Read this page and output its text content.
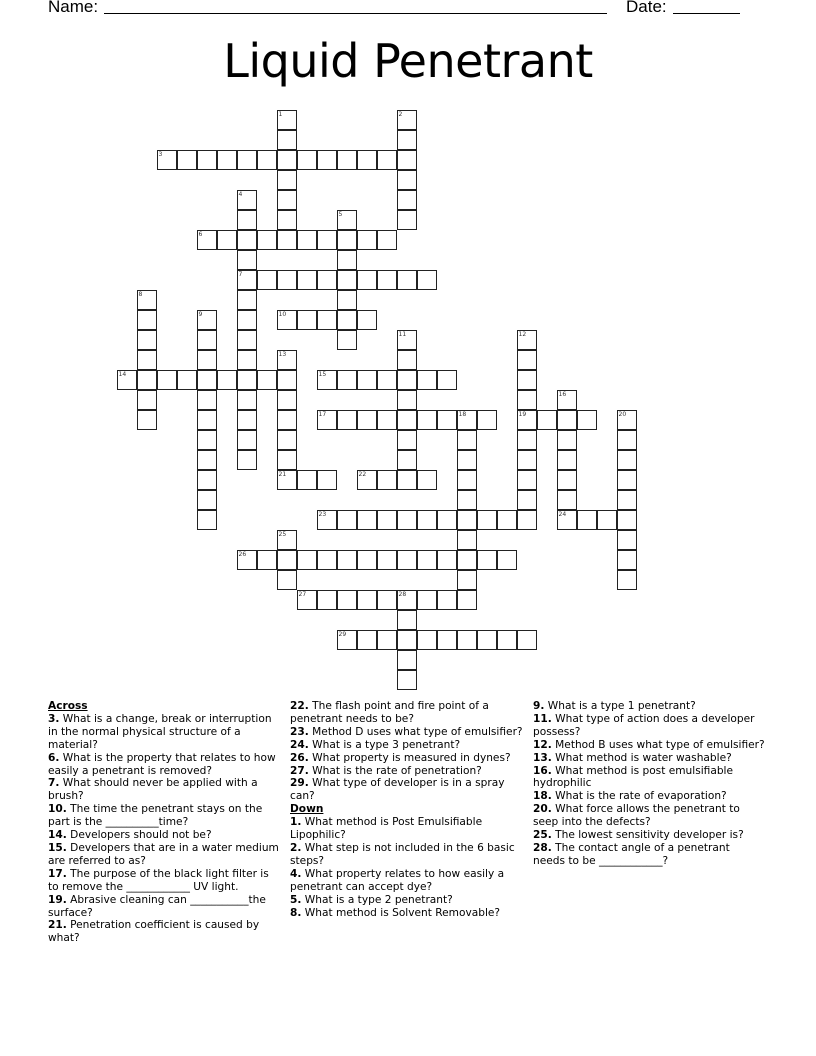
Name:	Date:
Liquid Penetrant
1	2
3
4
7
5
6
8
9	10
11	12
19
13
21
14	15
16
24
17	18	20
22
23
25
26
27	28
29
Across
3. What is a change, break or interruption in the normal physical structure of a material?
6. What is the property that relates to how easily a penetrant is removed?
7. What should never be applied with a brush?
10. The time the penetrant stays on the part is the __________time?
14. Developers should not be?
15. Developers that are in a water medium are referred to as?
17. The purpose of the black light filter is to remove the ____________ UV light.
19. Abrasive cleaning can ___________the surface?
21. Penetration coefficient is caused by what?
22. The flash point and fire point of a penetrant needs to be?
23. Method D uses what type of emulsifier?
24. What is a type 3 penetrant?
26. What property is measured in dynes?
27. What is the rate of penetration?
29. What type of developer is in a spray can?
Down
1. What method is Post Emulsifiable Lipophilic?
2. What step is not included in the 6 basic steps?
4. What property relates to how easily a penetrant can accept dye?
5. What is a type 2 penetrant?
8. What method is Solvent Removable?
9. What is a type 1 penetrant?
11. What type of action does a developer possess?
12. Method B uses what type of emulsifier?
13. What method is water washable?
16. What method is post emulsifiable hydrophilic
18. What is the rate of evaporation?
20. What force allows the penetrant to seep into the defects?
25. The lowest sensitivity developer is?
28. The contact angle of a penetrant needs to be ____________?
